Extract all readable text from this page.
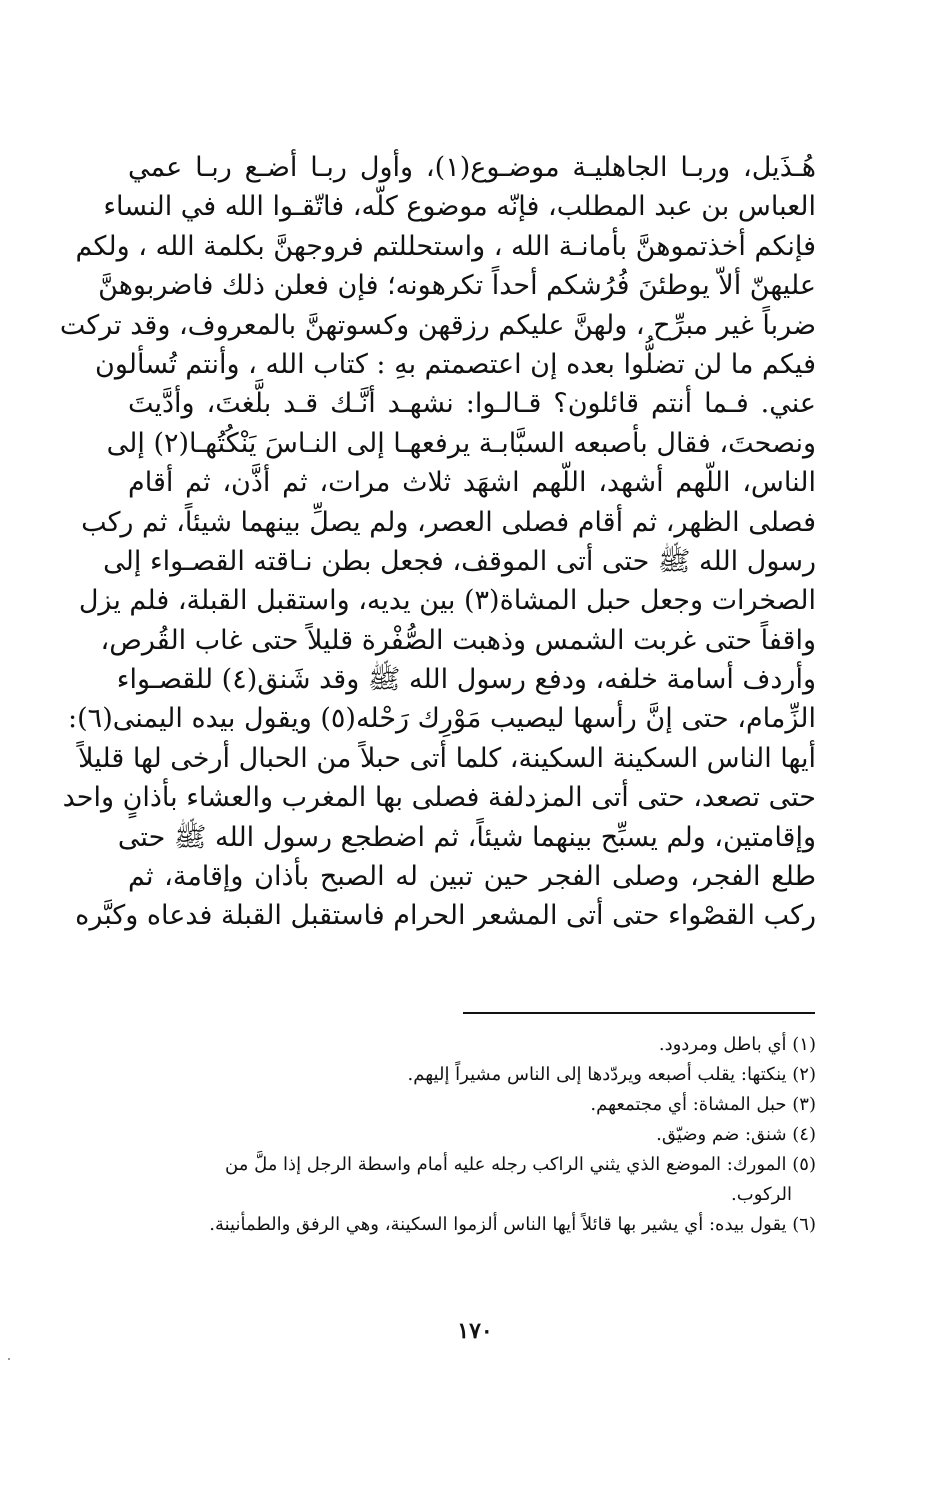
هُـذَيل، وربـا الجاهليـة موضـوع(١)، وأول ربـا أضـع ربـا عمي
العباس بن عبد المطلب، فإنّه موضوع كلّه، فاتّقـوا الله في النساء
فإنكم أخذتموهنَّ بأمانـة الله ، واستحللتم فروجهنَّ بكلمة الله ، ولكم
عليهنّ ألاّ يوطئنَ فُرُشكم أحداً تكرهونه؛ فإن فعلن ذلك فاضربوهنَّ
ضرباً غير مبرِّح ، ولهنَّ عليكم رزقهن وكسوتهنَّ بالمعروف، وقد تركت
فيكم ما لن تضلُّوا بعده إن اعتصمتم بهِ : كتاب الله ، وأنتم تُسألون
عني. فـما أنتم قائلون؟ قـالـوا: نشهـد أنَّـك قـد بلَّغتَ، وأدَّيتَ
ونصحتَ، فقال بأصبعه السبَّابـة يرفعهـا إلى النـاسَ يَنْكُتُهـا(٢) إلى
الناس، اللّهم أشهد، اللّهم اشهَد ثلاث مرات، ثم أذَّن، ثم أقام
فصلى الظهر، ثم أقام فصلى العصر، ولم يصلِّ بينهما شيئاً، ثم ركب
رسول الله ﷺ حتى أتى الموقف، فجعل بطن نـاقته القصـواء إلى
الصخرات وجعل حبل المشاة(٣) بين يديه، واستقبل القبلة، فلم يزل
واقفاً حتى غربت الشمس وذهبت الصُّفْرة قليلاً حتى غاب القُرص،
وأردف أسامة خلفه، ودفع رسول الله ﷺ وقد شَنق(٤) للقصـواء
الزِّمام، حتى إنَّ رأسها ليصيب مَوْرِك رَحْله(٥) ويقول بيده اليمنى(٦):
أيها الناس السكينة السكينة، كلما أتى حبلاً من الحبال أرخى لها قليلاً
حتى تصعد، حتى أتى المزدلفة فصلى بها المغرب والعشاء بأذانٍ واحد
وإقامتين، ولم يسبِّح بينهما شيئاً، ثم اضطجع رسول الله ﷺ حتى
طلع الفجر، وصلى الفجر حين تبين له الصبح بأذان وإقامة، ثم
ركب القصْواء حتى أتى المشعر الحرام فاستقبل القبلة فدعاه وكبَّره
(١) أي باطل ومردود.
(٢) ينكتها: يقلب أصبعه ويردّدها إلى الناس مشيراً إليهم.
(٣) حبل المشاة: أي مجتمعهم.
(٤) شنق: ضم وضيّق.
(٥) المورك: الموضع الذي يثني الراكب رجله عليه أمام واسطة الرجل إذا ملَّ من
الركوب.
(٦) يقول بيده: أي يشير بها قائلاً أيها الناس ألزموا السكينة، وهي الرفق والطمأنينة.
١٧٠
